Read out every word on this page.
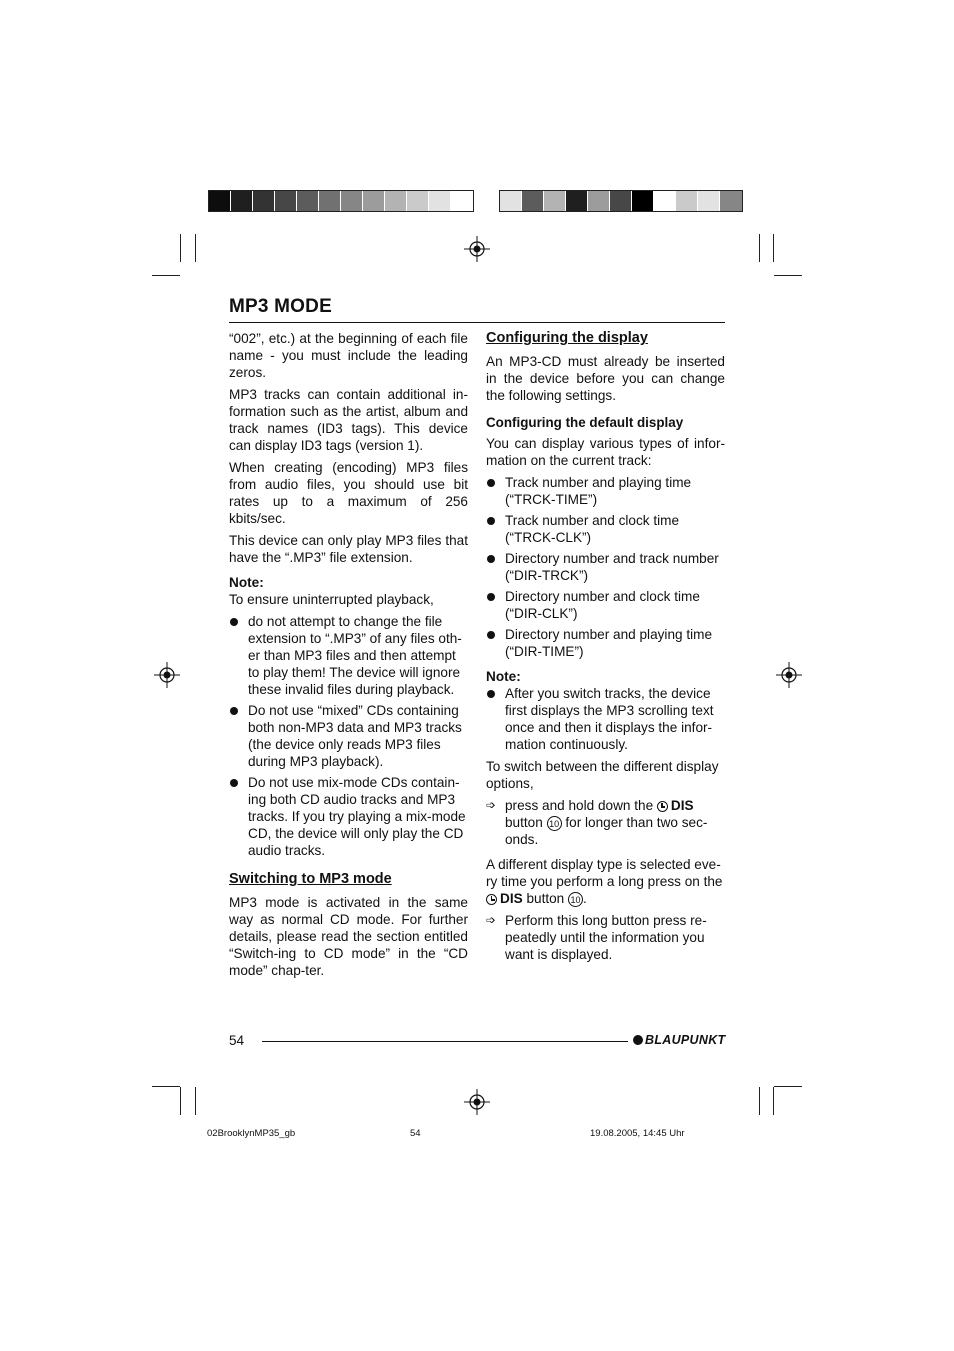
MP3 MODE

“002”, etc.) at the beginning of each file name - you must include the leading zeros.

MP3 tracks can contain additional in-formation such as the artist, album and track names (ID3 tags). This device can display ID3 tags (version 1).

When creating (encoding) MP3 files from audio files, you should use bit rates up to a maximum of 256 kbits/sec.

This device can only play MP3 files that have the “.MP3” file extension.

Note:

To ensure uninterrupted playback,

do not attempt to change the file extension to “.MP3” of any files oth-er than MP3 files and then attempt to play them! The device will ignore these invalid files during playback.
Do not use “mixed” CDs containing both non-MP3 data and MP3 tracks (the device only reads MP3 files during MP3 playback).
Do not use mix-mode CDs contain-ing both CD audio tracks and MP3 tracks. If you try playing a mix-mode CD, the device will only play the CD audio tracks.
Switching to MP3 mode

MP3 mode is activated in the same way as normal CD mode. For further details, please read the section entitled “Switch-ing to CD mode” in the “CD mode” chap-ter.

Configuring the display

An MP3-CD must already be inserted in the device before you can change the following settings.

Configuring the default display

You can display various types of infor-mation on the current track:

Track number and playing time (“TRCK-TIME”)
Track number and clock time (“TRCK-CLK”)
Directory number and track number (“DIR-TRCK”)
Directory number and clock time (“DIR-CLK”)
Directory number and playing time (“DIR-TIME”)
Note:
After you switch tracks, the device first displays the MP3 scrolling text once and then it displays the infor-mation continuously.

To switch between the different display options,

➩ press and hold down the DIS button 10 for longer than two sec-onds.

A different display type is selected eve-ry time you perform a long press on the DIS button 10 .

➩ Perform this long button press re-peatedly until the information you want is displayed.
54	BLAUPUNKT
02BrooklynMP35_gb	54	19.08.2005, 14:45 Uhr
